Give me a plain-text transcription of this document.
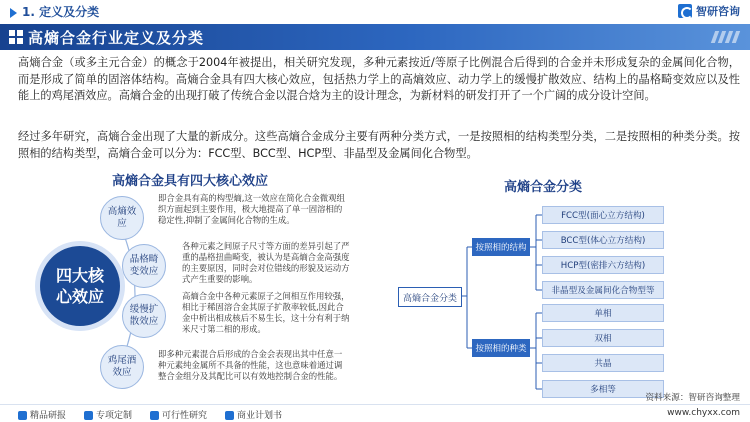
1. 定义及分类	智研咨询
高熵合金行业定义及分类

高熵合金（或多主元合金）的概念于2004年被提出，相关研究发现，多种元素按近/等原子比例混合后得到的合金并未形成复杂的金属间化合物，而是形成了简单的固溶体结构。高熵合金具有四大核心效应，包括热力学上的高熵效应、动力学上的缓慢扩散效应、结构上的晶格畸变效应以及性能上的鸡尾酒效应。高熵合金的出现打破了传统合金以混合焓为主的设计理念，为新材料的研发打开了一个广阔的成分设计空间。

经过多年研究，高熵合金出现了大量的新成分。这些高熵合金成分主要有两种分类方式，一是按照相的结构类型分类，二是按照相的种类分类。按照相的结构类型，高熵合金可以分为：FCC型、BCC型、HCP型、非晶型及金属间化合物型。

高熵合金具有四大核心效应
四大核心效应
高熵效应
晶格畸变效应
缓慢扩散效应
鸡尾酒效应
即合金具有高的构型熵,这一效应在简化合金微观组织方面起到主要作用，极大地提高了单一固溶相的稳定性,抑制了金属间化合物的生成。
各种元素之间原子尺寸等方面的差异引起了严重的晶格扭曲畸变，被认为是高熵合金高强度的主要原因，同时会对位错线的形貌及运动方式产生重要的影响。
高熵合金中各种元素原子之间相互作用较强，相比于稀固溶合金其原子扩散率较低,因此合金中析出相成核后不易生长，这十分有利于纳米尺寸第二相的形成。
即多种元素混合后形成的合金会表现出其中任意一种元素纯金属所不具备的性能，这也意味着通过调整合金组分及其配比可以有效地控制合金的性能。
高熵合金分类
高熵合金分类
按照相的结构
按照相的种类
FCC型(面心立方结构)
BCC型(体心立方结构)
HCP型(密排六方结构)
非晶型及金属间化合物型等
单相
双相
共晶
多相等
资料来源：智研咨询整理
精品研报	专项定制	可行性研究	商业计划书	www.chyxx.com
